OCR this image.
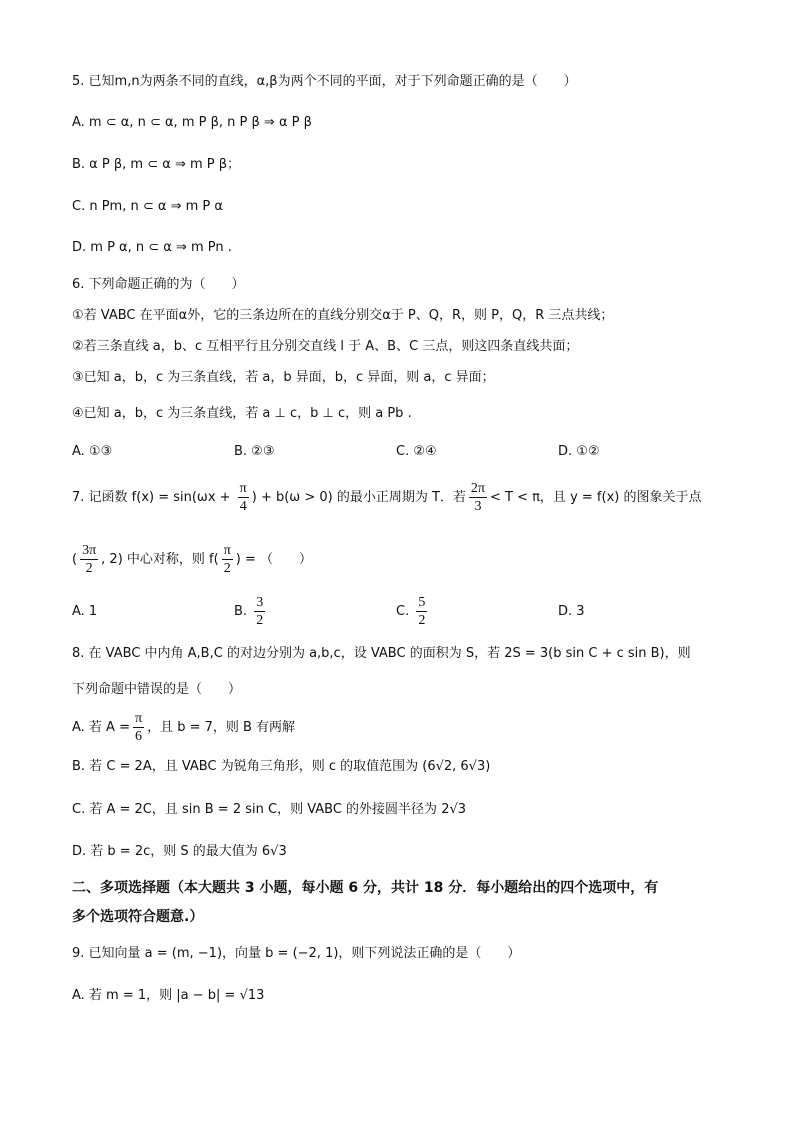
5. 已知m,n为两条不同的直线，α,β为两个不同的平面，对于下列命题正确的是（　　）
A. m ⊂ α, n ⊂ α, m P β, n P β ⇒ α P β
B. α P β, m ⊂ α ⇒ m P β；
C. n Pm, n ⊂ α ⇒ m P α
D. m P α, n ⊂ α ⇒ m Pn .
6. 下列命题正确的为（　　）
①若 VABC 在平面α外，它的三条边所在的直线分别交α于 P、Q，R，则 P，Q，R 三点共线；
②若三条直线 a，b、c 互相平行且分别交直线 l 于 A、B、C 三点，则这四条直线共面；
③已知 a，b，c 为三条直线，若 a，b 异面，b，c 异面，则 a，c 异面；
④已知 a，b，c 为三条直线，若 a ⊥ c，b ⊥ c，则 a Pb .
A. ①③	B. ②③	C. ②④	D. ①②
7. 记函数 $f(x) = \sin(\omega x + \frac{\pi}{4}$ ) + b(ω > 0) 的最小正周期为 T．若 $\frac{2\pi}{3} < T < \pi$，且 y = f(x) 的图象关于点
( $\frac{3\pi}{2}$ , 2) 中心对称，则 $f( \frac{\pi}{2}$ ) = （　　）
A. 1	B. $\frac{3}{2}$	C. $\frac{5}{2}$	D. 3
8. 在 VABC 中内角 A,B,C 的对边分别为 a,b,c，设 VABC 的面积为 S，若 2S = 3(b sin C + c sin B)，则
下列命题中错误的是（　　）
A. 若 $A = \frac{\pi}{6}$ ，且 b = 7，则 B 有两解
B. 若 C = 2A，且 VABC 为锐角三角形，则 c 的取值范围为 (6√2, 6√3)
C. 若 A = 2C，且 sin B = 2 sin C，则 VABC 的外接圆半径为 2√3
D. 若 b = 2c，则 S 的最大值为 6√3
二、多项选择题（本大题共 3 小题，每小题 6 分，共计 18 分．每小题给出的四个选项中，有
多个选项符合题意.）
9. 已知向量 a = (m, −1)，向量 b = (−2, 1)，则下列说法正确的是（　　）
A. 若 m = 1，则 |a − b| = √13
